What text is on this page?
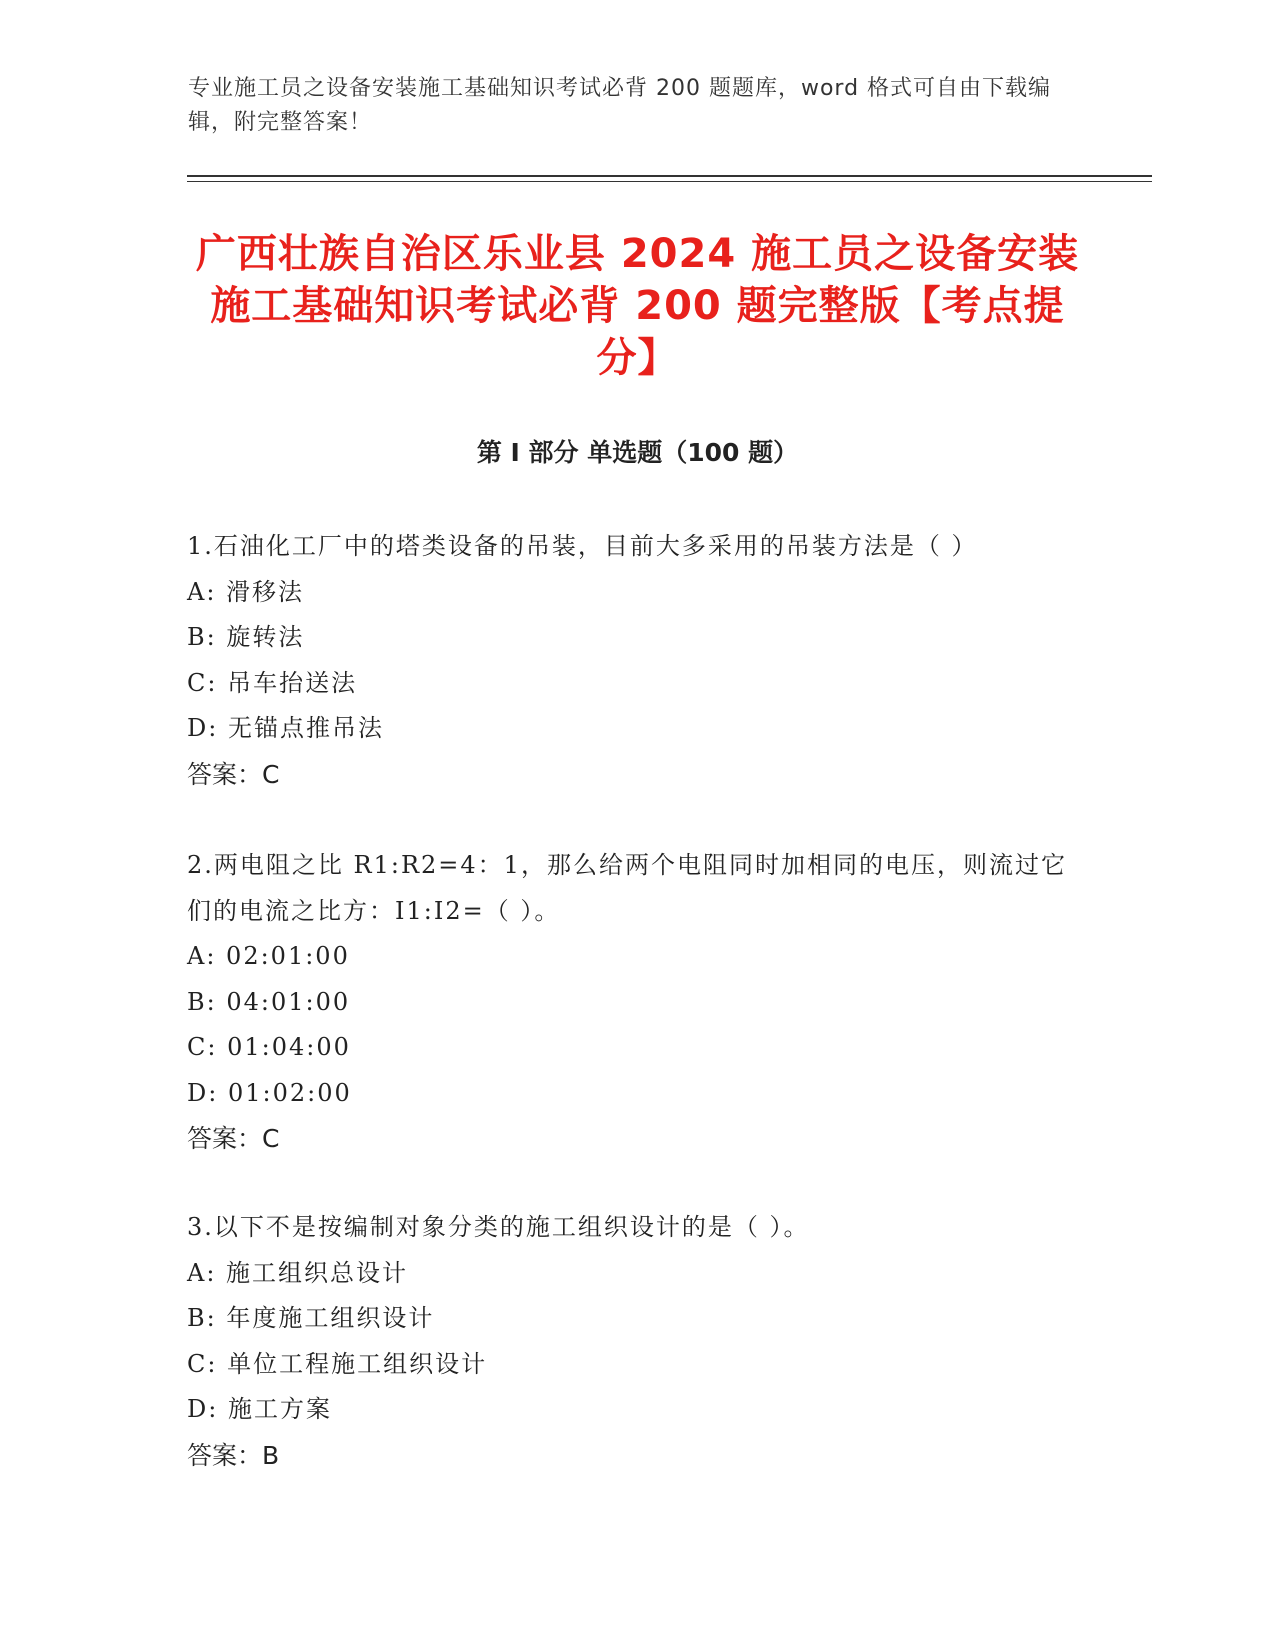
专业施工员之设备安装施工基础知识考试必背 200 题题库，word 格式可自由下载编辑，附完整答案！
广西壮族自治区乐业县 2024 施工员之设备安装施工基础知识考试必背 200 题完整版【考点提分】
第 I 部分 单选题（100 题）
1.石油化工厂中的塔类设备的吊装，目前大多采用的吊装方法是（ ）
A: 滑移法
B: 旋转法
C: 吊车抬送法
D: 无锚点推吊法
答案：C
2.两电阻之比 R1:R2=4：1，那么给两个电阻同时加相同的电压，则流过它们的电流之比方：I1:I2=（ ）。
A: 02:01:00
B: 04:01:00
C: 01:04:00
D: 01:02:00
答案：C
3.以下不是按编制对象分类的施工组织设计的是（ ）。
A: 施工组织总设计
B: 年度施工组织设计
C: 单位工程施工组织设计
D: 施工方案
答案：B
